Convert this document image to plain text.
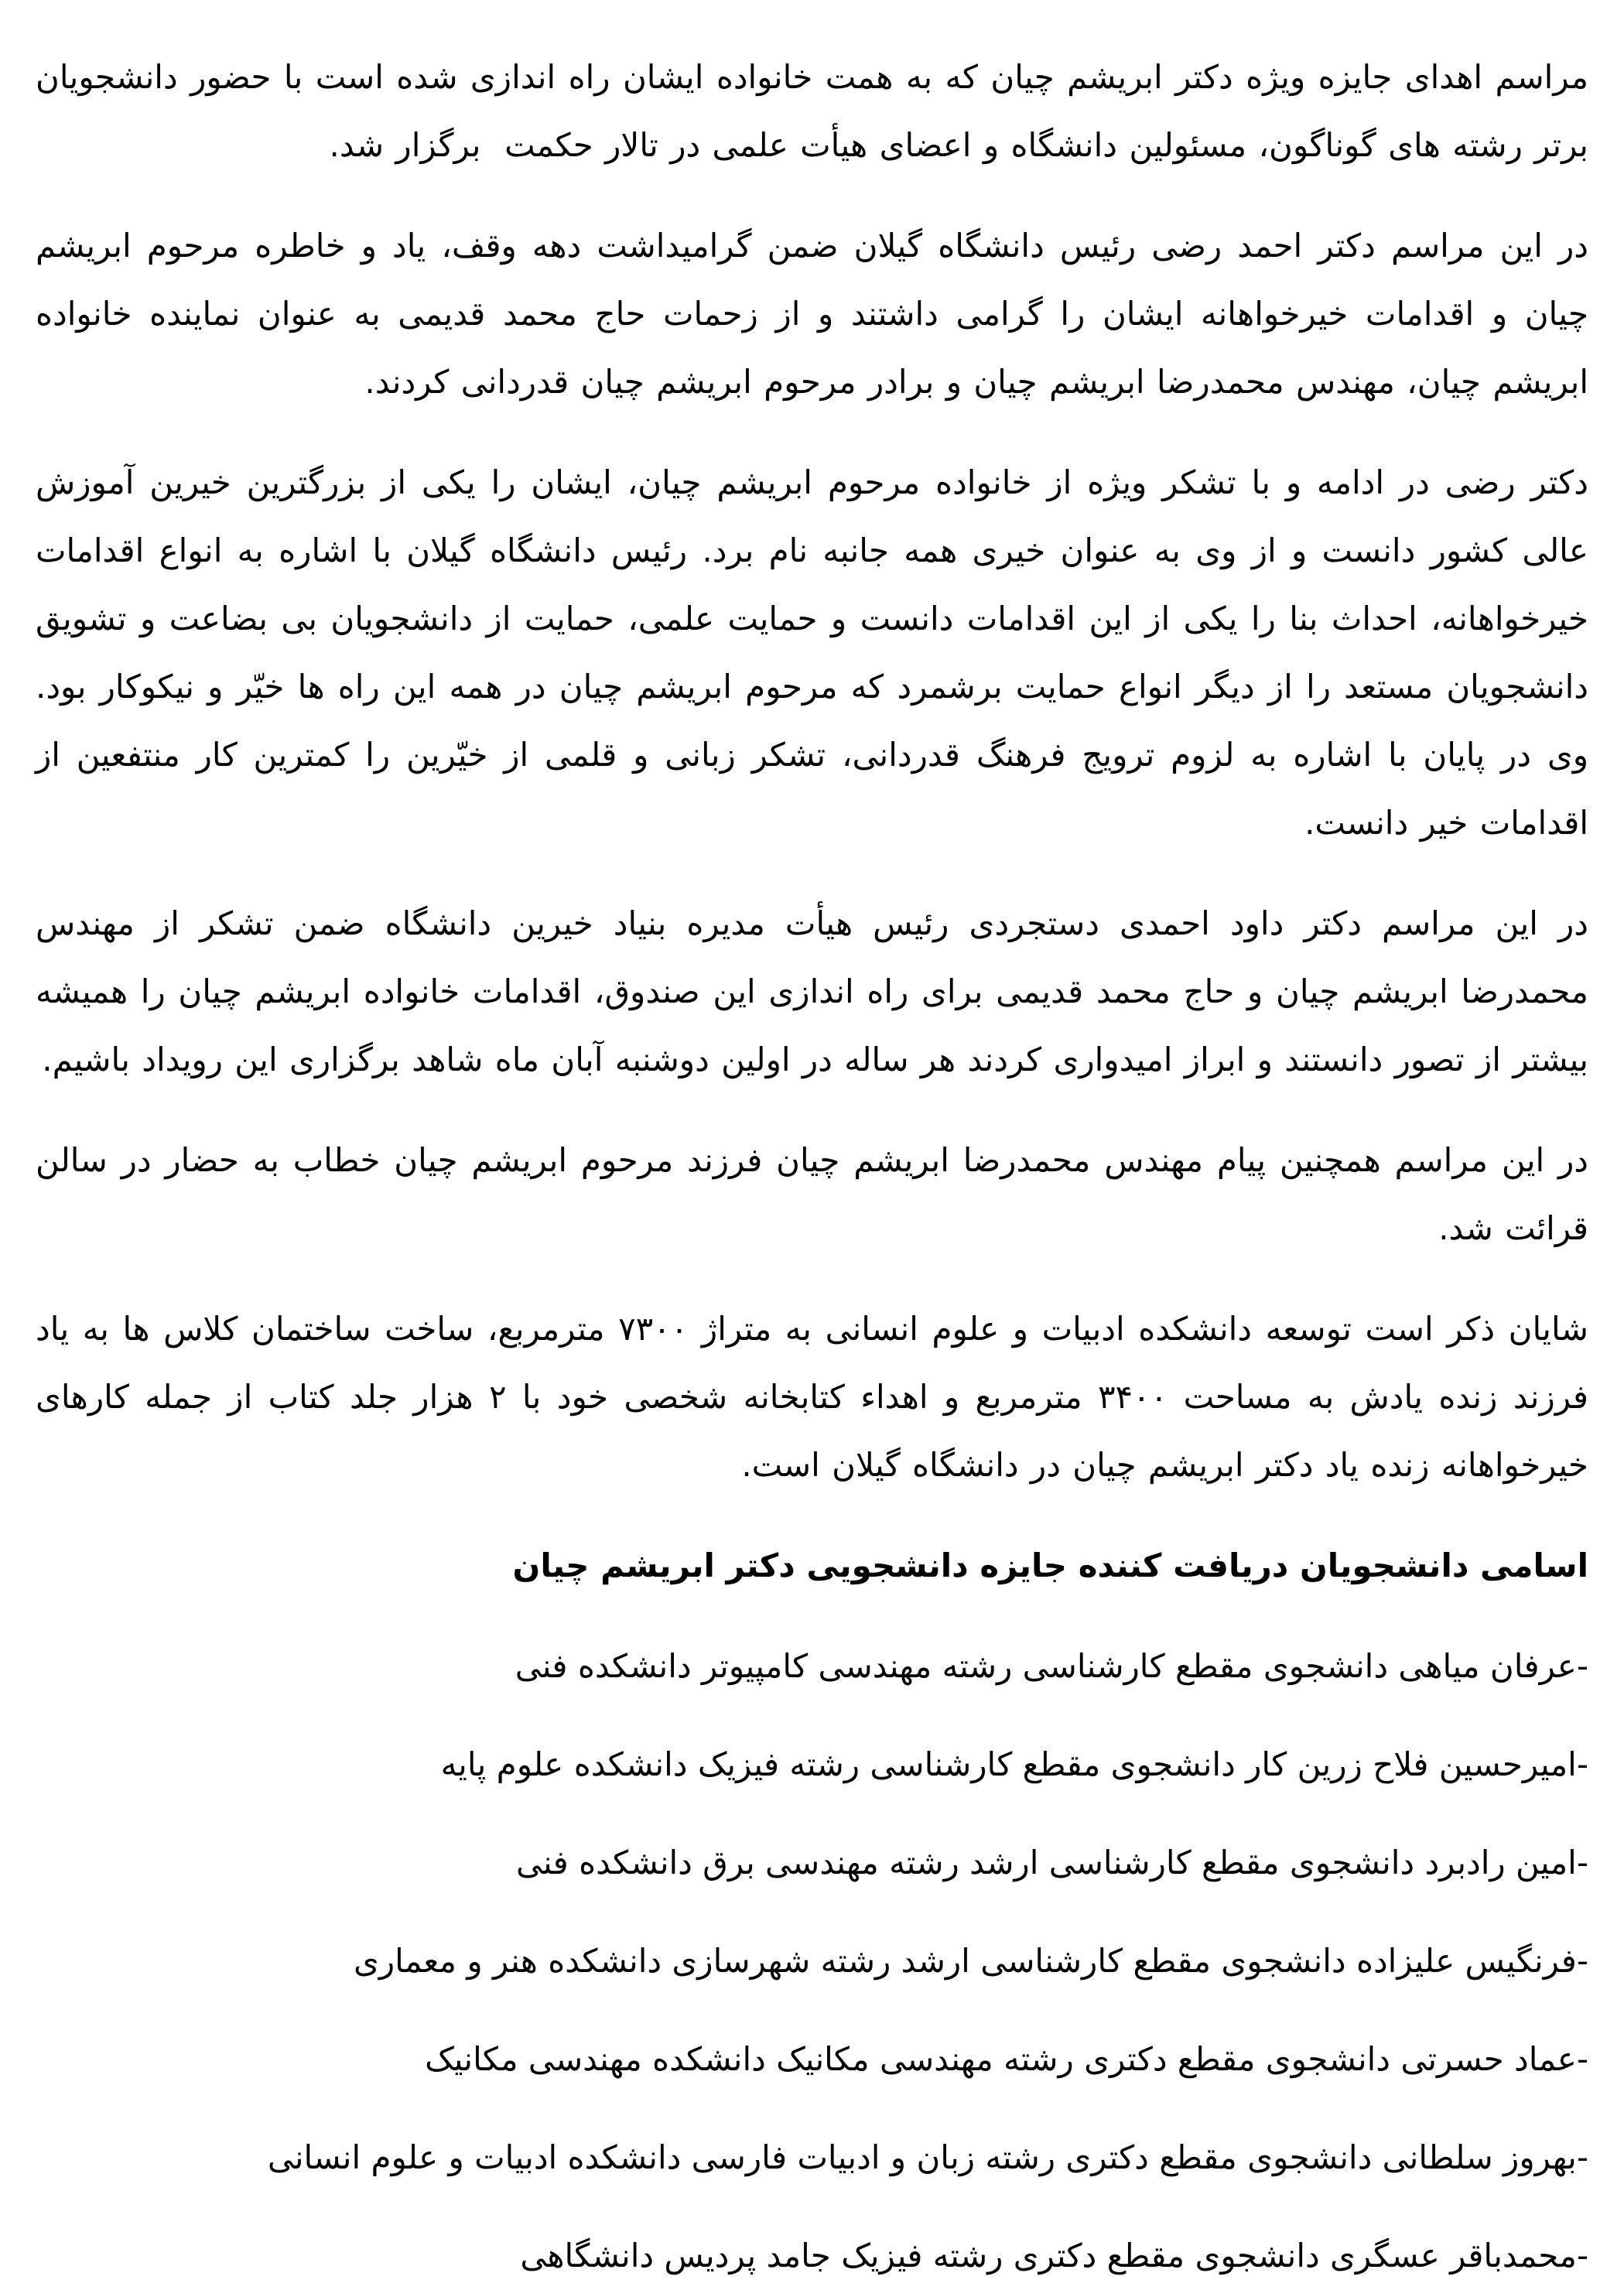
مراسم اهدای جایزه ویژه دکتر ابریشم چیان که به همت خانواده ایشان راه اندازی شده است با حضور دانشجویان برتر رشته های گوناگون، مسئولین دانشگاه و اعضای هیأت علمی در تالار حکمت  برگزار شد.

در این مراسم دکتر احمد رضی رئیس دانشگاه گیلان ضمن گرامیداشت دهه وقف، یاد و خاطره مرحوم ابریشم چیان و اقدامات خیرخواهانه ایشان را گرامی داشتند و از زحمات حاج محمد قدیمی به عنوان نماینده خانواده ابریشم چیان، مهندس محمدرضا ابریشم چیان و برادر مرحوم ابریشم چیان قدردانی کردند.

دکتر رضی در ادامه و با تشکر ویژه از خانواده مرحوم ابریشم چیان، ایشان را یکی از بزرگترین خیرین آموزش عالی کشور دانست و از وی به عنوان خیری همه جانبه نام برد. رئیس دانشگاه گیلان با اشاره به انواع اقدامات خیرخواهانه، احداث بنا را یکی از این اقدامات دانست و حمایت علمی، حمایت از دانشجویان بی بضاعت و تشویق دانشجویان مستعد را از دیگر انواع حمایت برشمرد که مرحوم ابریشم چیان در همه این راه ها خیّر و نیکوکار بود. وی در پایان با اشاره به لزوم ترویج فرهنگ قدردانی، تشکر زبانی و قلمی از خیّرین را کمترین کار منتفعین از اقدامات خیر دانست.

در این مراسم دکتر داود احمدی دستجردی رئیس هیأت مدیره بنیاد خیرین دانشگاه ضمن تشکر از مهندس محمدرضا ابریشم چیان و حاج محمد قدیمی برای راه اندازی این صندوق، اقدامات خانواده ابریشم چیان را همیشه بیشتر از تصور دانستند و ابراز امیدواری کردند هر ساله در اولین دوشنبه آبان ماه شاهد برگزاری این رویداد باشیم.

در این مراسم همچنین پیام مهندس محمدرضا ابریشم چیان فرزند مرحوم ابریشم چیان خطاب به حضار در سالن قرائت شد.

شایان ذکر است توسعه دانشکده ادبیات و علوم انسانی به متراژ ۷۳۰۰ مترمربع، ساخت ساختمان کلاس ها به یاد فرزند زنده یادش به مساحت ۳۴۰۰ مترمربع و اهداء کتابخانه شخصی خود با ۲ هزار جلد کتاب از جمله کارهای خیرخواهانه زنده یاد دکتر ابریشم چیان در دانشگاه گیلان است.

اسامی دانشجویان دریافت کننده جایزه دانشجویی دکتر ابریشم چیان

-عرفان میاهی دانشجوی مقطع کارشناسی رشته مهندسی کامپیوتر دانشکده فنی

-امیرحسین فلاح زرین کار دانشجوی مقطع کارشناسی رشته فیزیک دانشکده علوم پایه

-امین رادبرد دانشجوی مقطع کارشناسی ارشد رشته مهندسی برق دانشکده فنی

-فرنگیس علیزاده دانشجوی مقطع کارشناسی ارشد رشته شهرسازی دانشکده هنر و معماری

-عماد حسرتی دانشجوی مقطع دکتری رشته مهندسی مکانیک دانشکده مهندسی مکانیک

-بهروز سلطانی دانشجوی مقطع دکتری رشته زبان و ادبیات فارسی دانشکده ادبیات و علوم انسانی

-محمدباقر عسگری دانشجوی مقطع دکتری رشته فیزیک جامد پردیس دانشگاهی
